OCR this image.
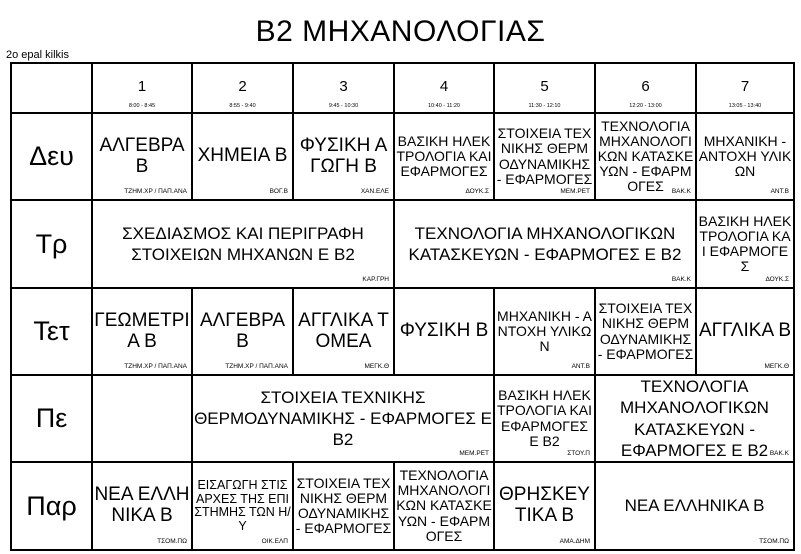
Β2 ΜΗΧΑΝΟΛΟΓΙΑΣ
2o epal kilkis
1
8:00 - 8:45
2
8:55 - 9:40
3
9:45 - 10:30
4
10:40 - 11:20
5
11:30 - 12:10
6
12:20 - 13:00
7
13:05 - 13:40
Δευ
Τρ
Τετ
Πε
Παρ
ΑΛΓΕΒΡΑ Β
ΤΖΗΜ.ΧΡ / ΠΑΠ.ΑΝΑ
ΧΗΜΕΙΑ Β
ΒΟΓ.Β
ΦΥΣΙΚΗ ΑΓΩΓΗ Β
ΧΑΝ.ΕΛΕ
ΒΑΣΙΚΗ ΗΛΕΚΤΡΟΛΟΓΙΑ ΚΑΙ ΕΦΑΡΜΟΓΕΣ
ΔΟΥΚ.Σ
ΣΤΟΙΧΕΙΑ ΤΕΧΝΙΚΗΣ ΘΕΡΜΟΔΥΝΑΜΙΚΗΣ - ΕΦΑΡΜΟΓΕΣ
ΜΕΜ.ΡΕΤ
ΤΕΧΝΟΛΟΓΙΑ ΜΗΧΑΝΟΛΟΓΙΚΩΝ ΚΑΤΑΣΚΕΥΩΝ - ΕΦΑΡΜΟΓΕΣ	ΒΑΚ.Κ
ΜΗΧΑΝΙΚΗ - ΑΝΤΟΧΗ ΥΛΙΚΩΝ
ΑΝΤ.Β
ΣΧΕΔΙΑΣΜΟΣ ΚΑΙ ΠΕΡΙΓΡΑΦΗ ΣΤΟΙΧΕΙΩΝ ΜΗΧΑΝΩΝ Ε Β2
ΚΑΡ.ΓΡΗ
ΤΕΧΝΟΛΟΓΙΑ ΜΗΧΑΝΟΛΟΓΙΚΩΝ ΚΑΤΑΣΚΕΥΩΝ - ΕΦΑΡΜΟΓΕΣ Ε Β2
ΒΑΚ.Κ
ΒΑΣΙΚΗ ΗΛΕΚΤΡΟΛΟΓΙΑ ΚΑΙ ΕΦΑΡΜΟΓΕΣ
ΔΟΥΚ.Σ
ΓΕΩΜΕΤΡΙΑ Β
ΤΖΗΜ.ΧΡ / ΠΑΠ.ΑΝΑ
ΑΛΓΕΒΡΑ Β
ΤΖΗΜ.ΧΡ / ΠΑΠ.ΑΝΑ
ΑΓΓΛΙΚΑ ΤΟΜΕΑ
ΜΕΓΚ.Θ
ΦΥΣΙΚΗ Β
ΜΗΧΑΝΙΚΗ - ΑΝΤΟΧΗ ΥΛΙΚΩΝ
ΑΝΤ.Β
ΣΤΟΙΧΕΙΑ ΤΕΧΝΙΚΗΣ ΘΕΡΜΟΔΥΝΑΜΙΚΗΣ - ΕΦΑΡΜΟΓΕΣ
ΑΓΓΛΙΚΑ Β
ΜΕΓΚ.Θ
ΣΤΟΙΧΕΙΑ ΤΕΧΝΙΚΗΣ ΘΕΡΜΟΔΥΝΑΜΙΚΗΣ - ΕΦΑΡΜΟΓΕΣ Ε Β2
ΜΕΜ.ΡΕΤ
ΒΑΣΙΚΗ ΗΛΕΚΤΡΟΛΟΓΙΑ ΚΑΙ ΕΦΑΡΜΟΓΕΣ Ε Β2
ΣΤΟΥ.Π
ΤΕΧΝΟΛΟΓΙΑ ΜΗΧΑΝΟΛΟΓΙΚΩΝ ΚΑΤΑΣΚΕΥΩΝ - ΕΦΑΡΜΟΓΕΣ Ε Β2 ΒΑΚ.Κ
ΝΕΑ ΕΛΛΗΝΙΚΑ Β
ΤΣΟΜ.ΠΩ
ΕΙΣΑΓΩΓΗ ΣΤΙΣ ΑΡΧΕΣ ΤΗΣ ΕΠΙΣΤΗΜΗΣ ΤΩΝ Η/Υ
ΟΙΚ.ΕΛΠ
ΣΤΟΙΧΕΙΑ ΤΕΧΝΙΚΗΣ ΘΕΡΜΟΔΥΝΑΜΙΚΗΣ - ΕΦΑΡΜΟΓΕΣ
ΤΕΧΝΟΛΟΓΙΑ ΜΗΧΑΝΟΛΟΓΙΚΩΝ ΚΑΤΑΣΚΕΥΩΝ - ΕΦΑΡΜΟΓΕΣ
ΘΡΗΣΚΕΥΤΙΚΑ Β
ΑΜΑ.ΔΗΜ
ΝΕΑ ΕΛΛΗΝΙΚΑ Β
ΤΣΟΜ.ΠΩ
